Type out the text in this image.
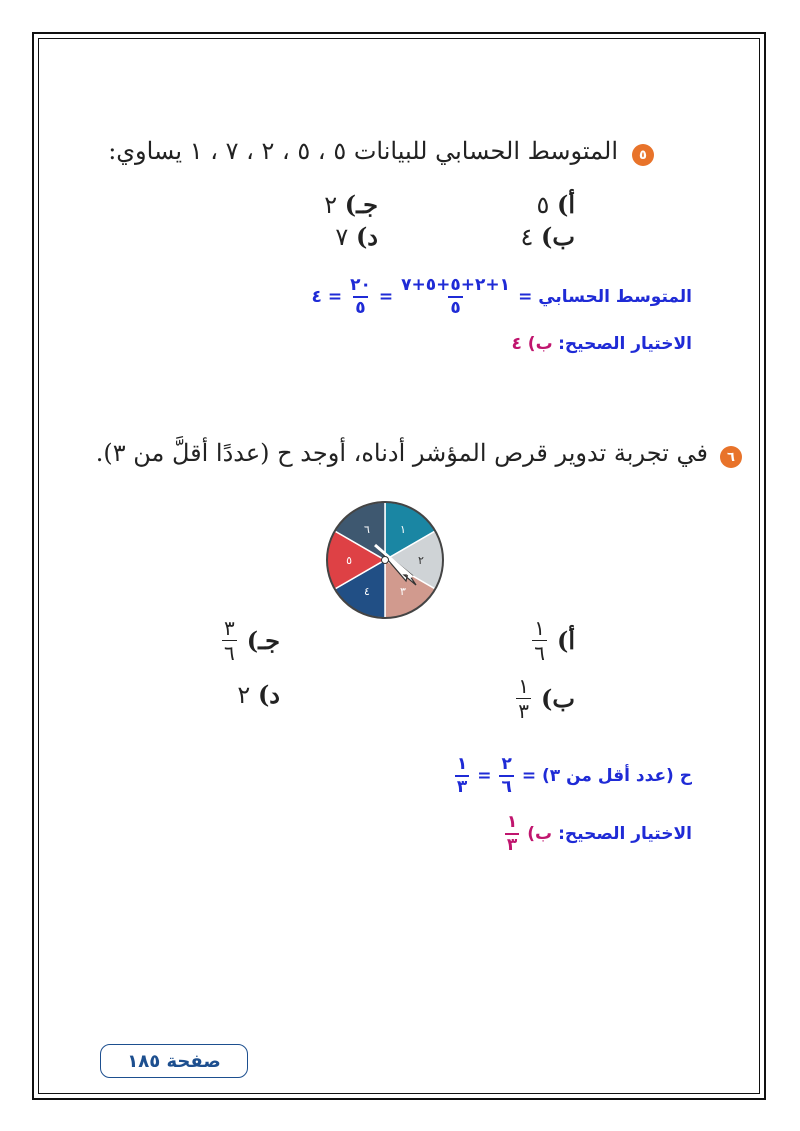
٥
المتوسط الحسابي للبيانات ٥ ، ٥ ، ٢ ، ٧ ، ١ يساوي:
أ) ٥
ب) ٤
جـ) ٢
د) ٧
المتوسط الحسابي =
$\frac{١+٢+٥+٥+٧}{٥}$
=
$\frac{٢٠}{٥}$
= ٤
الاختيار الصحيح: ب) ٤
٦
في تجربة تدوير قرص المؤشر أدناه، أوجد ح (عددًا أقلَّ من ٣).
١
٢
٣
٤
٥
٦
أ)
$\frac{١}{٦}$
ب)
$\frac{١}{٣}$
جـ)
$\frac{٣}{٦}$
د) ٢
ح (عدد أقل من ٣) =
$\frac{٢}{٦}$
=
$\frac{١}{٣}$
الاختيار الصحيح:
ب)
$\frac{١}{٣}$
صفحة ١٨٥
